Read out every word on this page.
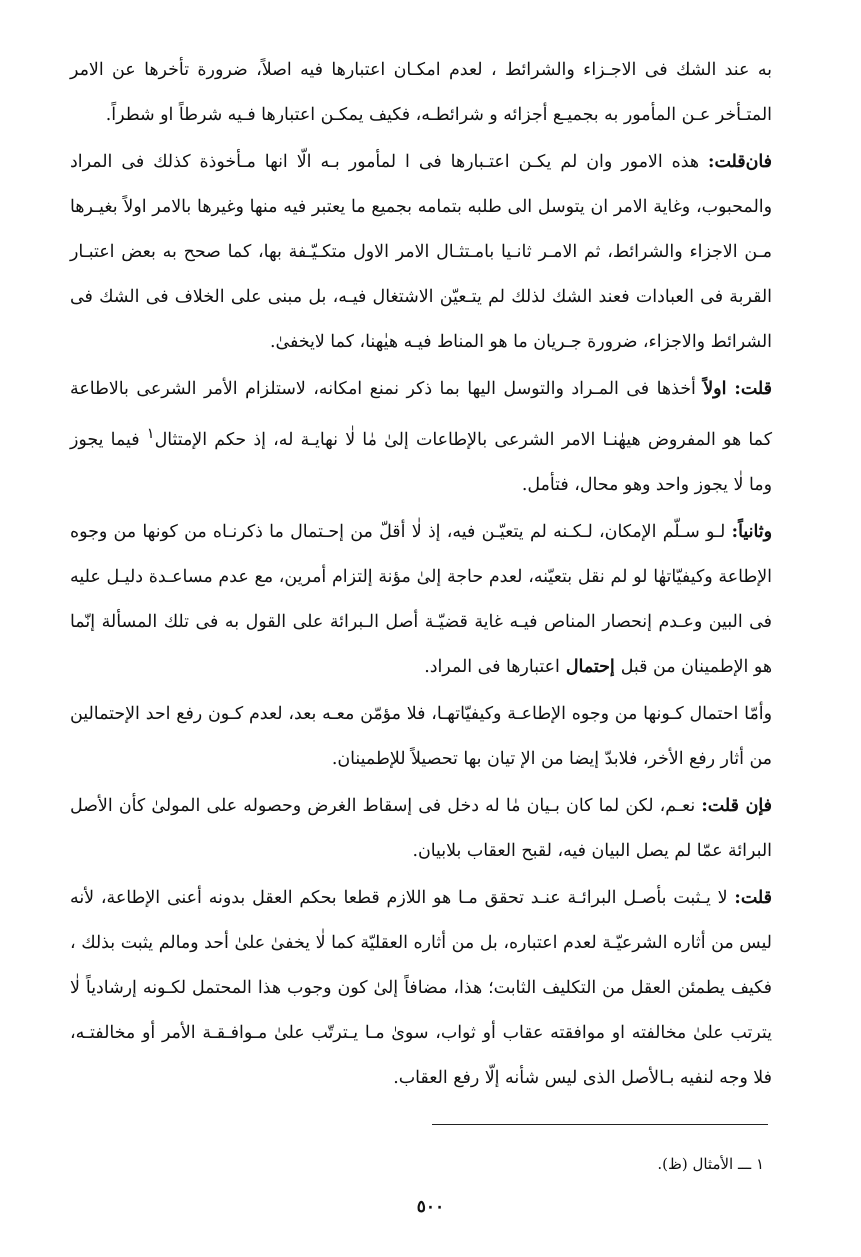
به عند الشك فى الاجـزاء والشرائط ، لعدم امكـان اعتبارها فيه اصلاً، ضرورة تأخرها عن الامر المتـأخر عـن المأمور به بجميـع أجزائه و شرائطـه، فكيف يمكـن اعتبارها فـيه شرطاً او شطراً.

فان‌قلت: هذه الامور وان لم يكـن اعتـبارها فى ا لمأمور بـه الّا انها مـأخوذة كذلك فى المراد والمحبوب، وغاية الامر ان يتوسل الى طلبه بتمامه بجميع ما يعتبر فيه منها وغيرها بالامر اولاً بغيـرها مـن الاجزاء والشرائط، ثم الامـر ثانـيا بامـتثـال الامر الاول متكـيّـفة بها، كما صحح به بعض اعتبـار القربة فى العبادات فعند الشك لذلك لم يتـعيّن الاشتغال فيـه، بل مبنى على الخلاف فى الشك فى الشرائط والاجزاء، ضرورة جـريان ما هو المناط فيـه هيٰهنا، كما لايخفىٰ.

قلت: اولاً أخذها فى المـراد والتوسل اليها بما ذكر نمنع امكانه، لاستلزام الأمر الشرعى بالاطاعة كما هو المفروض هيهٰنـا الامر الشرعى بالإطاعات إلىٰ مٰا لٰا نهايـة له، إذ حكم الإمتثال$^١$ فيما يجوز وما لٰا يجوز واحد وهو محال، فتأمل.

وثانياً: لـو سـلّم الإمكان، لـكـنه لم يتعيّـن فيه، إذ لٰا أقلّ من إحـتمال ما ذكرنـاه من كونها من وجوه الإطاعة وكيفيّاتهٰا لو لم نقل بتعيّنه، لعدم حاجة إلىٰ مؤنة إلتزام أمرين، مع عدم مساعـدة دليـل عليه فى البين وعـدم إنحصار المناص فيـه غاية قضيّـة أصل الـبرائة على القول به فى تلك المسألة إنّما هو الإطمينان من قبل إحتمال اعتبارها فى المراد.

وأمّا احتمال كـونها من وجوه الإطاعـة وكيفيّاتهـا، فلا مؤمّن معـه بعد، لعدم كـون رفع احد الإحتمالين من أثار رفع الأخر، فلابدّ إيضا من الإ تيان بها تحصيلاً للإطمينان.

فإن قلت: نعـم، لكن لما كان بـيان مٰا له دخل فى إسقاط الغرض وحصوله على المولىٰ كأن الأصل البرائة عمّا لم يصل البيان فيه، لقبح العقاب بلابيان.

قلت: لا يـثبت بأصـل البرائـة عنـد تحقق مـا هو اللازم قطعا بحكم العقل بدونه أعنى الإطاعة، لأنه ليس من أثاره الشرعيّـة لعدم اعتباره، بل من أثاره العقليّة كما لٰا يخفىٰ علىٰ أحد ومالم يثبت بذلك ، فكيف يطمئن العقل من التكليف الثابت؛ هذا، مضافاً إلىٰ كون وجوب هذا المحتمل لكـونه إرشادياً لٰا يترتب علىٰ مخالفته او موافقته عقاب أو ثواب، سوىٰ مـا يـترتّب علىٰ مـوافـقـة الأمر أو مخالفتـه، فلا وجه لنفيه بـالأصل الذى ليس شأنه إلّا رفع العقاب.

١ ـــ الأمثال (ظ).

٥٠٠
